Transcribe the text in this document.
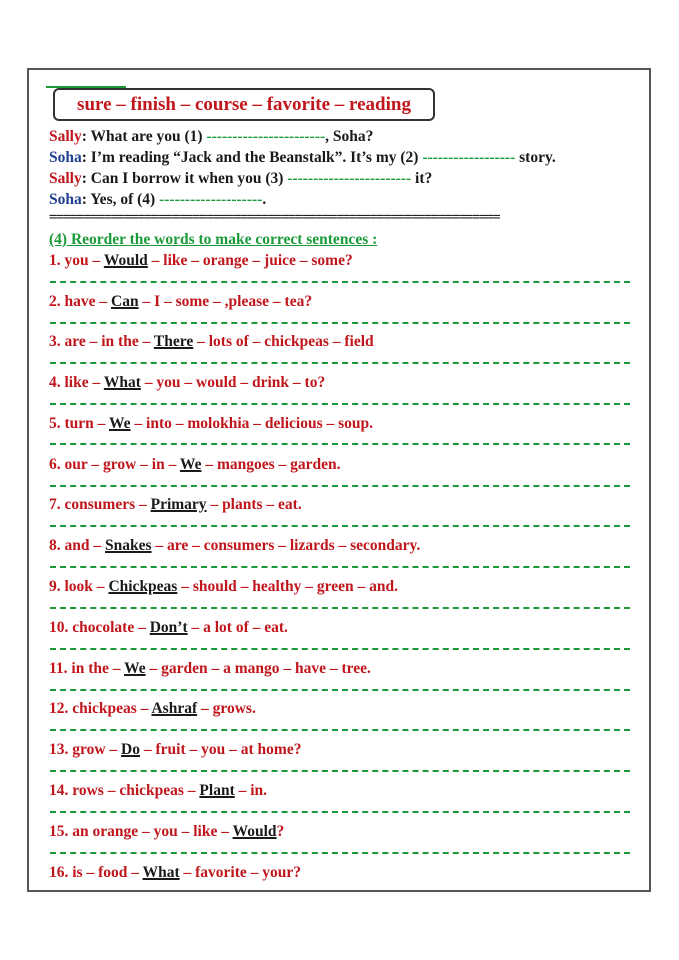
sure – finish – course – favorite – reading
Sally: What are you (1) -----------------------, Soha?
Soha: I’m reading “Jack and the Beanstalk”. It’s my (2) ------------------ story.
Sally: Can I borrow it when you (3) ------------------------ it?
Soha: Yes, of (4) --------------------.
==================================================================
(4) Reorder the words to make correct sentences :
1. you – Would – like – orange – juice – some?
2. have – Can – I – some – ,please – tea?
3. are – in the – There – lots of – chickpeas – field
4. like – What – you – would – drink – to?
5. turn – We – into – molokhia – delicious – soup.
6. our – grow – in – We – mangoes – garden.
7. consumers – Primary – plants – eat.
8. and – Snakes – are – consumers – lizards – secondary.
9. look – Chickpeas – should – healthy – green – and.
10. chocolate – Don’t – a lot of – eat.
11. in the – We – garden – a mango – have – tree.
12. chickpeas – Ashraf – grows.
13. grow – Do – fruit – you – at home?
14. rows – chickpeas – Plant – in.
15. an orange – you – like – Would?
16. is – food – What – favorite – your?
